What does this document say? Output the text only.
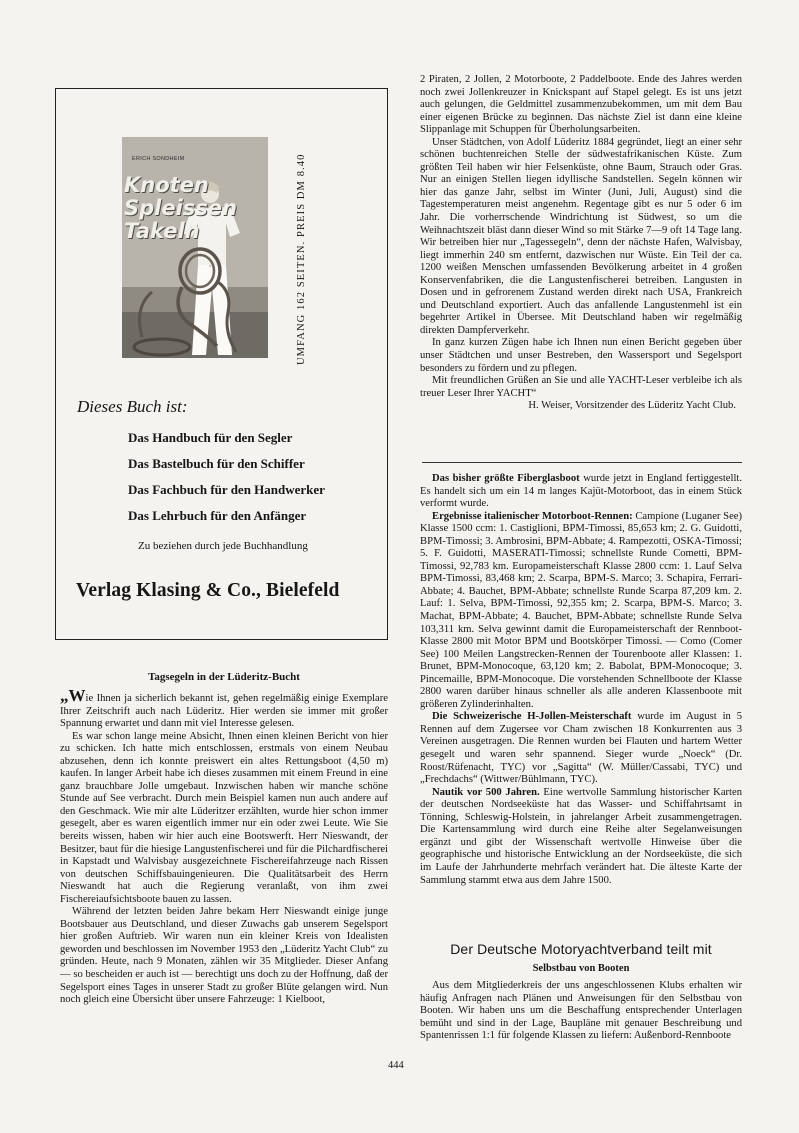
ERICH SONDHEIM
Knoten
Spleissen
Takeln	UMFANG 162 SEITEN. PREIS DM 8.40
Dieses Buch ist:
Das Handbuch für den Segler
Das Bastelbuch für den Schiffer
Das Fachbuch für den Handwerker
Das Lehrbuch für den Anfänger
Zu beziehen durch jede Buchhandlung
Verlag Klasing & Co., Bielefeld
Tagsegeln in der Lüderitz-Bucht

„Wie Ihnen ja sicherlich bekannt ist, gehen regelmäßig einige Exemplare Ihrer Zeitschrift auch nach Lüderitz. Hier werden sie immer mit großer Spannung erwartet und dann mit viel Interesse gelesen.

Es war schon lange meine Absicht, Ihnen einen kleinen Bericht von hier zu schicken. Ich hatte mich entschlossen, erstmals von einem Neubau abzusehen, denn ich konnte preiswert ein altes Rettungsboot (4,50 m) kaufen. In langer Arbeit habe ich dieses zusammen mit einem Freund in eine ganz brauchbare Jolle umgebaut. Inzwischen haben wir manche schöne Stunde auf See verbracht. Durch mein Beispiel kamen nun auch andere auf den Geschmack. Wie mir alte Lüderitzer erzählten, wurde hier schon immer gesegelt, aber es waren eigentlich immer nur ein oder zwei Leute. Wie Sie bereits wissen, haben wir hier auch eine Bootswerft. Herr Nieswandt, der Besitzer, baut für die hiesige Langustenfischerei und für die Pilchardfischerei in Kapstadt und Walvisbay ausgezeichnete Fischereifahrzeuge nach Rissen von deutschen Schiffsbauingenieuren. Die Qualitätsarbeit des Herrn Nieswandt hat auch die Regierung veranlaßt, von ihm zwei Fischereiaufsichtsboote bauen zu lassen.

Während der letzten beiden Jahre bekam Herr Nieswandt einige junge Bootsbauer aus Deutschland, und dieser Zuwachs gab unserem Segelsport hier großen Auftrieb. Wir waren nun ein kleiner Kreis von Idealisten geworden und beschlossen im November 1953 den „Lüderitz Yacht Club“ zu gründen. Heute, nach 9 Monaten, zählen wir 35 Mitglieder. Dieser Anfang — so bescheiden er auch ist — berechtigt uns doch zu der Hoffnung, daß der Segelsport eines Tages in unserer Stadt zu großer Blüte gelangen wird. Nun noch gleich eine Übersicht über unsere Fahrzeuge: 1 Kielboot,

2 Piraten, 2 Jollen, 2 Motorboote, 2 Paddelboote. Ende des Jahres werden noch zwei Jollenkreuzer in Knickspant auf Stapel gelegt. Es ist uns jetzt auch gelungen, die Geldmittel zusammenzubekommen, um mit dem Bau einer eigenen Brücke zu beginnen. Das nächste Ziel ist dann eine kleine Slippanlage mit Schuppen für Überholungsarbeiten.

Unser Städtchen, von Adolf Lüderitz 1884 gegründet, liegt an einer sehr schönen buchtenreichen Stelle der südwestafrikanischen Küste. Zum größten Teil haben wir hier Felsenküste, ohne Baum, Strauch oder Gras. Nur an einigen Stellen liegen idyllische Sandstellen. Segeln können wir hier das ganze Jahr, selbst im Winter (Juni, Juli, August) sind die Tagestemperaturen meist angenehm. Regentage gibt es nur 5 oder 6 im Jahr. Die vorherrschende Windrichtung ist Südwest, so um die Weihnachtszeit bläst dann dieser Wind so mit Stärke 7—9 oft 14 Tage lang. Wir betreiben hier nur „Tagessegeln“, denn der nächste Hafen, Walvisbay, liegt immerhin 240 sm entfernt, dazwischen nur Wüste. Ein Teil der ca. 1200 weißen Menschen umfassenden Bevölkerung arbeitet in 4 großen Konservenfabriken, die die Langustenfischerei betreiben. Langusten in Dosen und in gefrorenem Zustand werden direkt nach USA, Frankreich und Deutschland exportiert. Auch das anfallende Langustenmehl ist ein begehrter Artikel in Übersee. Mit Deutschland haben wir regelmäßig direkten Dampferverkehr.

In ganz kurzen Zügen habe ich Ihnen nun einen Bericht gegeben über unser Städtchen und unser Bestreben, den Wassersport und Segelsport besonders zu fördern und zu pflegen.

Mit freundlichen Grüßen an Sie und alle YACHT-Leser verbleibe ich als treuer Leser Ihrer YACHT“

H. Weiser, Vorsitzender des Lüderitz Yacht Club.

Das bisher größte Fiberglasboot wurde jetzt in England fertiggestellt. Es handelt sich um ein 14 m langes Kajüt-Motorboot, das in einem Stück verformt wurde.

Ergebnisse italienischer Motorboot-Rennen: Campione (Luganer See) Klasse 1500 ccm: 1. Castiglioni, BPM-Timossi, 85,653 km; 2. G. Guidotti, BPM-Timossi; 3. Ambrosini, BPM-Abbate; 4. Rampezotti, OSKA-Timossi; 5. F. Guidotti, MASERATI-Timossi; schnellste Runde Cometti, BPM-Timossi, 92,783 km. Europameisterschaft Klasse 2800 ccm: 1. Lauf Selva BPM-Timossi, 83,468 km; 2. Scarpa, BPM-S. Marco; 3. Schapira, Ferrari-Abbate; 4. Bauchet, BPM-Abbate; schnellste Runde Scarpa 87,209 km. 2. Lauf: 1. Selva, BPM-Timossi, 92,355 km; 2. Scarpa, BPM-S. Marco; 3. Machat, BPM-Abbate; 4. Bauchet, BPM-Abbate; schnellste Runde Selva 103,311 km. Selva gewinnt damit die Europameisterschaft der Rennboot-Klasse 2800 mit Motor BPM und Bootskörper Timossi. — Como (Comer See) 100 Meilen Langstrecken-Rennen der Tourenboote aller Klassen: 1. Brunet, BPM-Monocoque, 63,120 km; 2. Babolat, BPM-Monocoque; 3. Pincemaille, BPM-Monocoque. Die vorstehenden Schnellboote der Klasse 2800 waren darüber hinaus schneller als alle anderen Klassenboote mit größeren Zylinderinhalten.

Die Schweizerische H-Jollen-Meisterschaft wurde im August in 5 Rennen auf dem Zugersee vor Cham zwischen 18 Konkurrenten aus 3 Vereinen ausgetragen. Die Rennen wurden bei Flauten und hartem Wetter gesegelt und waren sehr spannend. Sieger wurde „Noeck“ (Dr. Roost/Rüfenacht, TYC) vor „Sagitta“ (W. Müller/Cassabi, TYC) und „Frechdachs“ (Wittwer/Bühlmann, TYC).

Nautik vor 500 Jahren. Eine wertvolle Sammlung historischer Karten der deutschen Nordseeküste hat das Wasser- und Schiffahrtsamt in Tönning, Schleswig-Holstein, in jahrelanger Arbeit zusammengetragen. Die Kartensammlung wird durch eine Reihe alter Segelanweisungen ergänzt und gibt der Wissenschaft wertvolle Hinweise über die geographische und historische Entwicklung an der Nordseeküste, die sich im Laufe der Jahrhunderte mehrfach verändert hat. Die älteste Karte der Sammlung stammt etwa aus dem Jahre 1500.

Der Deutsche Motoryachtverband teilt mit
Selbstbau von Booten

Aus dem Mitgliederkreis der uns angeschlossenen Klubs erhalten wir häufig Anfragen nach Plänen und Anweisungen für den Selbstbau von Booten. Wir haben uns um die Beschaffung entsprechender Unterlagen bemüht und sind in der Lage, Baupläne mit genauer Beschreibung und Spantenrissen 1:1 für folgende Klassen zu liefern: Außenbord-Rennboote

444
